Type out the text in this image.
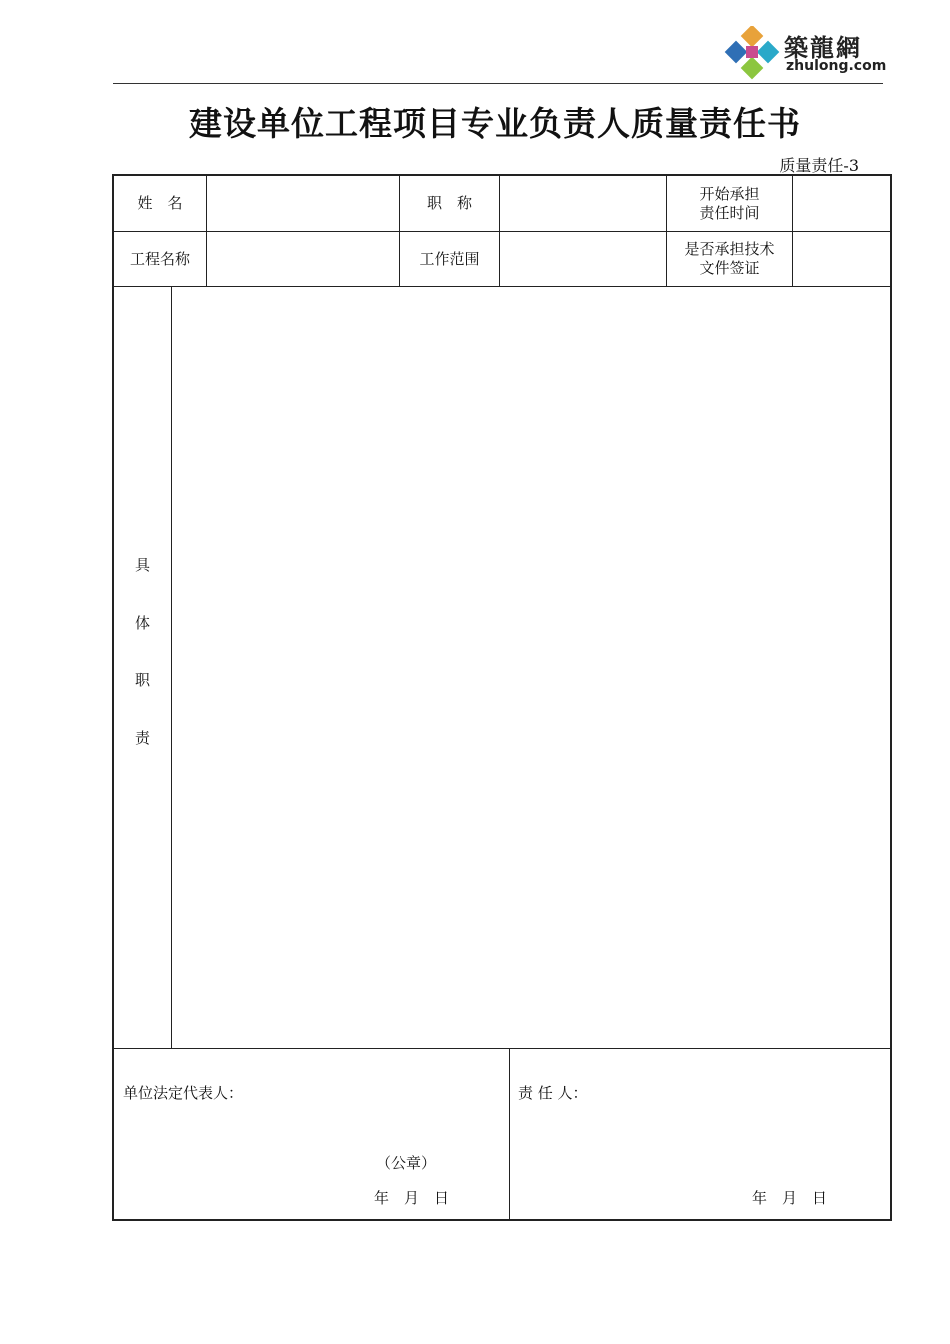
築龍網
zhulong.com
建设单位工程项目专业负责人质量责任书
质量责任-3
姓　名	职　称
开始承担
责任时间
工程名称	工作范围
是否承担技术
文件签证
具
体
职
责
单位法定代表人：
（公章）
年　月　日
责 任 人：
年　月　日
